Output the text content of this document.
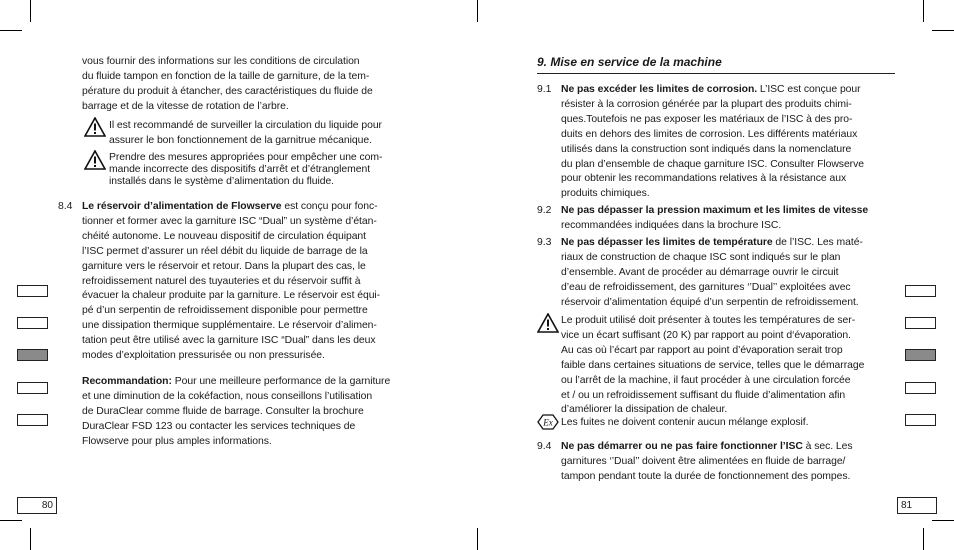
80	81

vous fournir des informations sur les conditions de circulation

du fluide tampon en fonction de la taille de garniture, de la tem-

pérature du produit à étancher, des caractéristiques du fluide de

barrage et de la vitesse de rotation de l’arbre.

Il est recommandé de surveiller la circulation du liquide pour

assurer le bon fonctionnement de la garnitrue mécanique.

Prendre des mesures appropriées pour empêcher une com-

mande incorrecte des dispositifs d’arrêt et d’étranglement

installés dans le système d’alimentation du fluide.

8.4 Le réservoir d’alimentation de Flowserve est conçu pour fonc-

tionner et former avec la garniture ISC “Dual” un système d’étan-

chéité autonome. Le nouveau dispositif de circulation équipant

l’ISC permet d’assurer un réel débit du liquide de barrage de la

garniture vers le réservoir et retour. Dans la plupart des cas, le

refroidissement naturel des tuyauteries et du réservoir suffit à

évacuer la chaleur produite par la garniture. Le réservoir est équi-

pé d’un serpentin de refroidissement disponible pour permettre

une dissipation thermique supplémentaire. Le réservoir d’alimen-

tation peut être utilisé avec la garniture ISC “Dual” dans les deux

modes d’exploitation pressurisée ou non pressurisée.

Recommandation: Pour une meilleure performance de la garniture

et une diminution de la cokéfaction, nous conseillons l’utilisation

de DuraClear comme fluide de barrage. Consulter la brochure

DuraClear FSD 123 ou contacter les services techniques de

Flowserve pour plus amples informations.

9. Mise en service de la machine
9.1 Ne pas excéder les limites de corrosion. L’ISC est conçue pour

résister à la corrosion générée par la plupart des produits chimi-

ques.Toutefois ne pas exposer les matériaux de l’ISC à des pro-

duits en dehors des limites de corrosion. Les différents matériaux

utilisés dans la construction sont indiqués dans la nomenclature

du plan d’ensemble de chaque garniture ISC. Consulter Flowserve

pour obtenir les recommandations relatives à la résistance aux

produits chimiques.

9.2 Ne pas dépasser la pression maximum et les limites de vitesse

recommandées indiquées dans la brochure ISC.

9.3 Ne pas dépasser les limites de température de l’ISC. Les maté-

riaux de construction de chaque ISC sont indiqués sur le plan

d’ensemble. Avant de procéder au démarrage ouvrir le circuit

d’eau de refroidissement, des garnitures ‘’Dual’’ exploitées avec

réservoir d’alimentation équipé d’un serpentin de refroidissement.

Le produit utilisé doit présenter à toutes les températures de ser-

vice un écart suffisant (20 K) par rapport au point d‘évaporation.

Au cas où l’écart par rapport au point d’évaporation serait trop

faible dans certaines situations de service, telles que le démarrage

ou l’arrêt de la machine, il faut procéder à une circulation forcée

et / ou un refroidissement suffisant du fluide d’alimentation afin

d’améliorer la dissipation de chaleur.

Ex Les fuites ne doivent contenir aucun mélange explosif.

9.4 Ne pas démarrer ou ne pas faire fonctionner l’ISC à sec. Les

garnitures ‘’Dual’’ doivent être alimentées en fluide de barrage/

tampon pendant toute la durée de fonctionnement des pompes.
